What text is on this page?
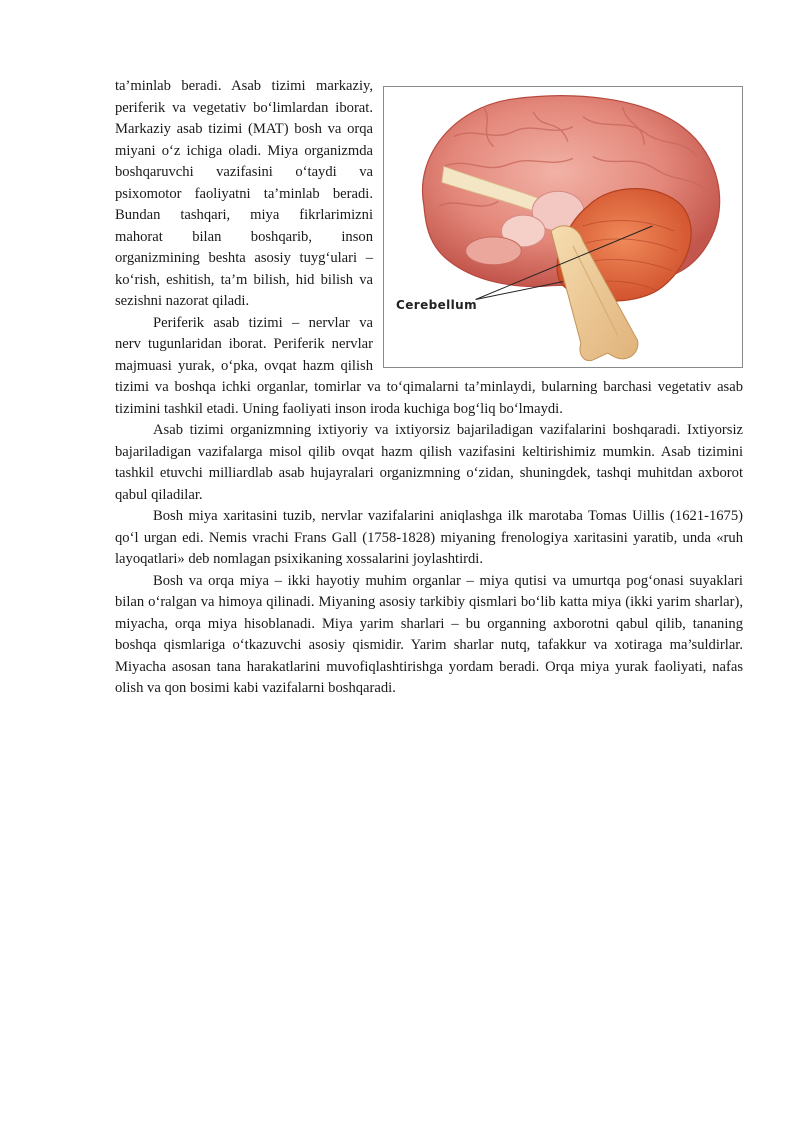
Cerebellum

ta’minlab beradi. Asab tizimi markaziy, periferik va vegetativ bo‘limlardan iborat. Markaziy asab tizimi (MAT) bosh va orqa miyani o‘z ichiga oladi. Miya organizmda boshqaruvchi vazifasini o‘taydi va psixomotor faoliyatni ta’minlab beradi. Bundan tashqari, miya fikrlarimizni mahorat bilan boshqarib, inson organizmining beshta asosiy tuyg‘ulari – ko‘rish, eshitish, ta’m bilish, hid bilish va sezishni nazorat qiladi.

Periferik asab tizimi – nervlar va nerv tugunlaridan iborat. Periferik nervlar majmuasi yurak, o‘pka, ovqat hazm qilish tizimi va boshqa ichki organlar, tomirlar va to‘qimalarni ta’minlaydi, bularning barchasi vegetativ asab tizimini tashkil etadi. Uning faoliyati inson iroda kuchiga bog‘liq bo‘lmaydi.

Asab tizimi organizmning ixtiyoriy va ixtiyorsiz bajariladigan vazifalarini boshqaradi. Ixtiyorsiz bajariladigan vazifalarga misol qilib ovqat hazm qilish vazifasini keltirishimiz mumkin. Asab tizimini tashkil etuvchi milliardlab asab hujayralari organizmning o‘zidan, shuningdek, tashqi muhitdan axborot qabul qiladilar.

Bosh miya xaritasini tuzib, nervlar vazifalarini aniqlashga ilk marotaba Tomas Uillis (1621-1675) qo‘l urgan edi. Nemis vrachi Frans Gall (1758-1828) miyaning frenologiya xaritasini yaratib, unda «ruh layoqatlari» deb nomlagan psixikaning xossalarini joylashtirdi.

Bosh va orqa miya – ikki hayotiy muhim organlar – miya qutisi va umurtqa pog‘onasi suyaklari bilan o‘ralgan va himoya qilinadi. Miyaning asosiy tarkibiy qismlari bo‘lib katta miya (ikki yarim sharlar), miyacha, orqa miya hisoblanadi. Miya yarim sharlari – bu organning axborotni qabul qilib, tananing boshqa qismlariga o‘tkazuvchi asosiy qismidir. Yarim sharlar nutq, tafakkur va xotiraga ma’suldirlar. Miyacha asosan tana harakatlarini muvofiqlashtirishga yordam beradi. Orqa miya yurak faoliyati, nafas olish va qon bosimi kabi vazifalarni boshqaradi.
